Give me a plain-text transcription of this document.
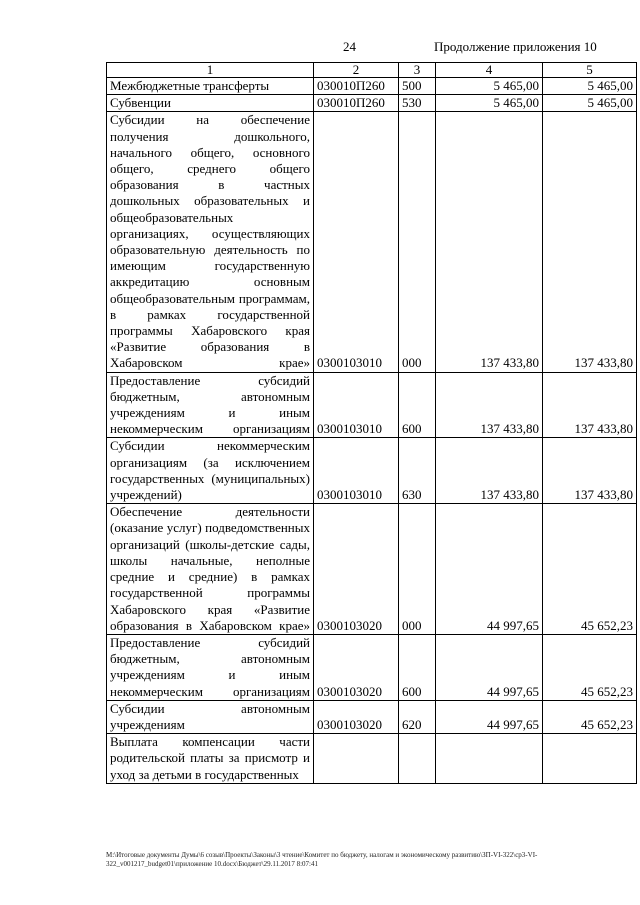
24	Продолжение приложения 10
1	2	3	4	5
Межбюджетные трансферты	030010П260	500	5 465,00	5 465,00
Субвенции	030010П260	530	5 465,00	5 465,00
Субсидии на обеспечение получения дошкольного, начального общего, основного общего, среднего общего образования в частных дошкольных образовательных и общеобразовательных организациях, осуществляющих образовательную деятельность по имеющим государственную аккредитацию основным общеобразовательным программам, в рамках государственной программы Хабаровского края «Развитие образования в Хабаровском крае»	0300103010	000	137 433,80	137 433,80
Предоставление субсидий бюджетным, автономным учреждениям и иным некоммерческим организациям	0300103010	600	137 433,80	137 433,80
Субсидии некоммерческим организациям (за исключением государственных (муниципальных) учреждений)	0300103010	630	137 433,80	137 433,80
Обеспечение деятельности (оказание услуг) подведомственных организаций (школы-детские сады, школы начальные, неполные средние и средние) в рамках государственной программы Хабаровского края «Развитие образования в Хабаровском крае»	0300103020	000	44 997,65	45 652,23
Предоставление субсидий бюджетным, автономным учреждениям и иным некоммерческим организациям	0300103020	600	44 997,65	45 652,23
Субсидии автономным учреждениям	0300103020	620	44 997,65	45 652,23
Выплата компенсации части родительской платы за присмотр и уход за детьми в государственных				
М:\Итоговые документы Думы\6 созыв\Проекты\Законы\3 чтение\Комитет по бюджету, налогам и экономическому развитию\ЗП-VI-322\ср3-VI-322_v001217_budget01\приложение 10.docx\Бюджет\29.11.2017 8:07:41
